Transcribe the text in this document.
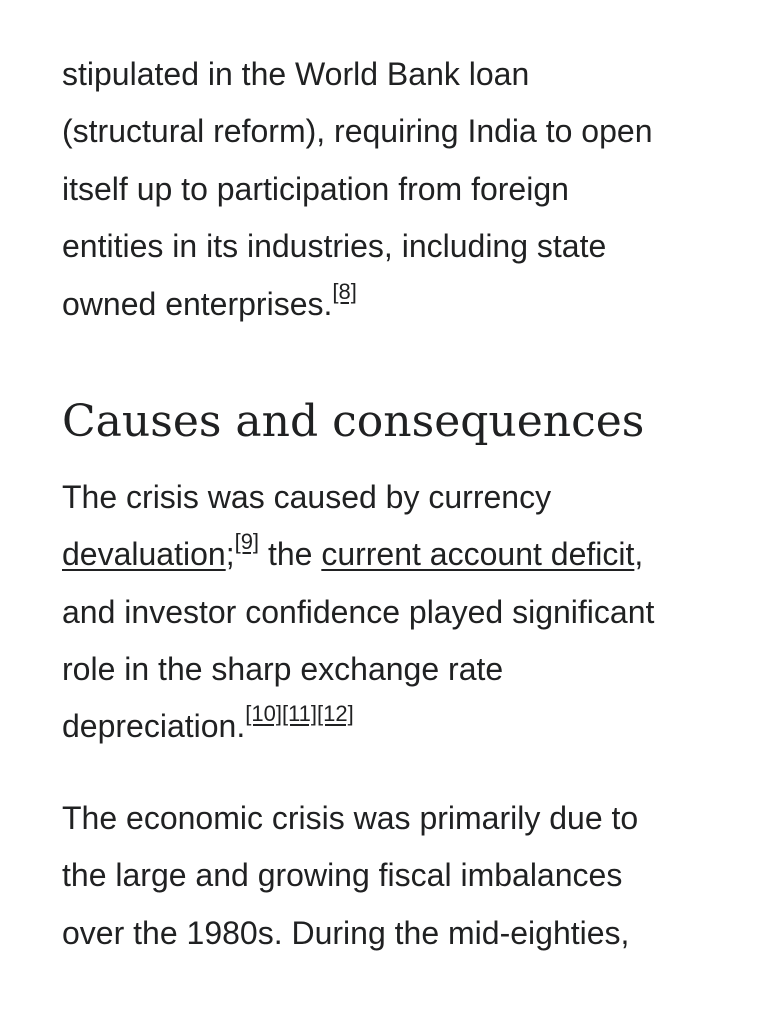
stipulated in the World Bank loan

(structural reform), requiring India to open

itself up to participation from foreign

entities in its industries, including state

owned enterprises.[8]

Causes and consequences

The crisis was caused by currency

devaluation;[9] the current account deficit,

and investor confidence played significant

role in the sharp exchange rate

depreciation.[10][11][12]

The economic crisis was primarily due to

the large and growing fiscal imbalances

over the 1980s. During the mid-eighties,
